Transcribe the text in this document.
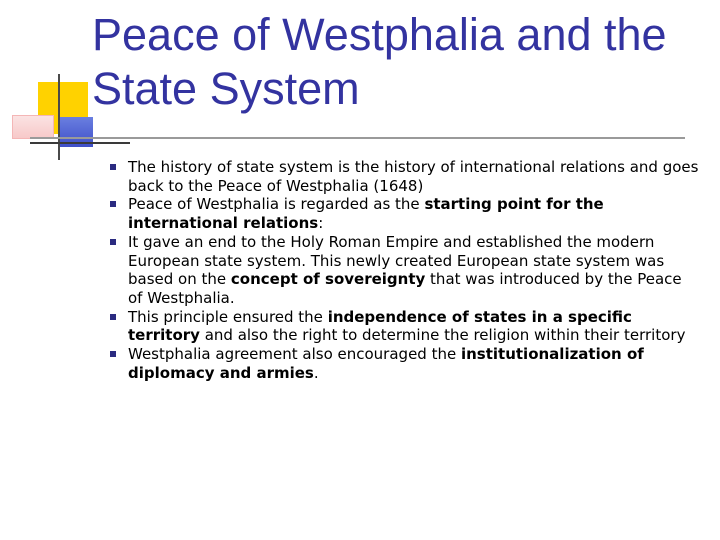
Peace of Westphalia and the State System
The history of state system is the history of international relations and goes back to the Peace of Westphalia (1648)
Peace of Westphalia is regarded as the starting point for the international relations:
It gave an end to the Holy Roman Empire and established the modern European state system. This newly created European state system was based on the concept of sovereignty that was introduced by the Peace of Westphalia.
This principle ensured the independence of states in a specific territory and also the right to determine the religion within their territory
Westphalia agreement also encouraged the institutionalization of diplomacy and armies.
